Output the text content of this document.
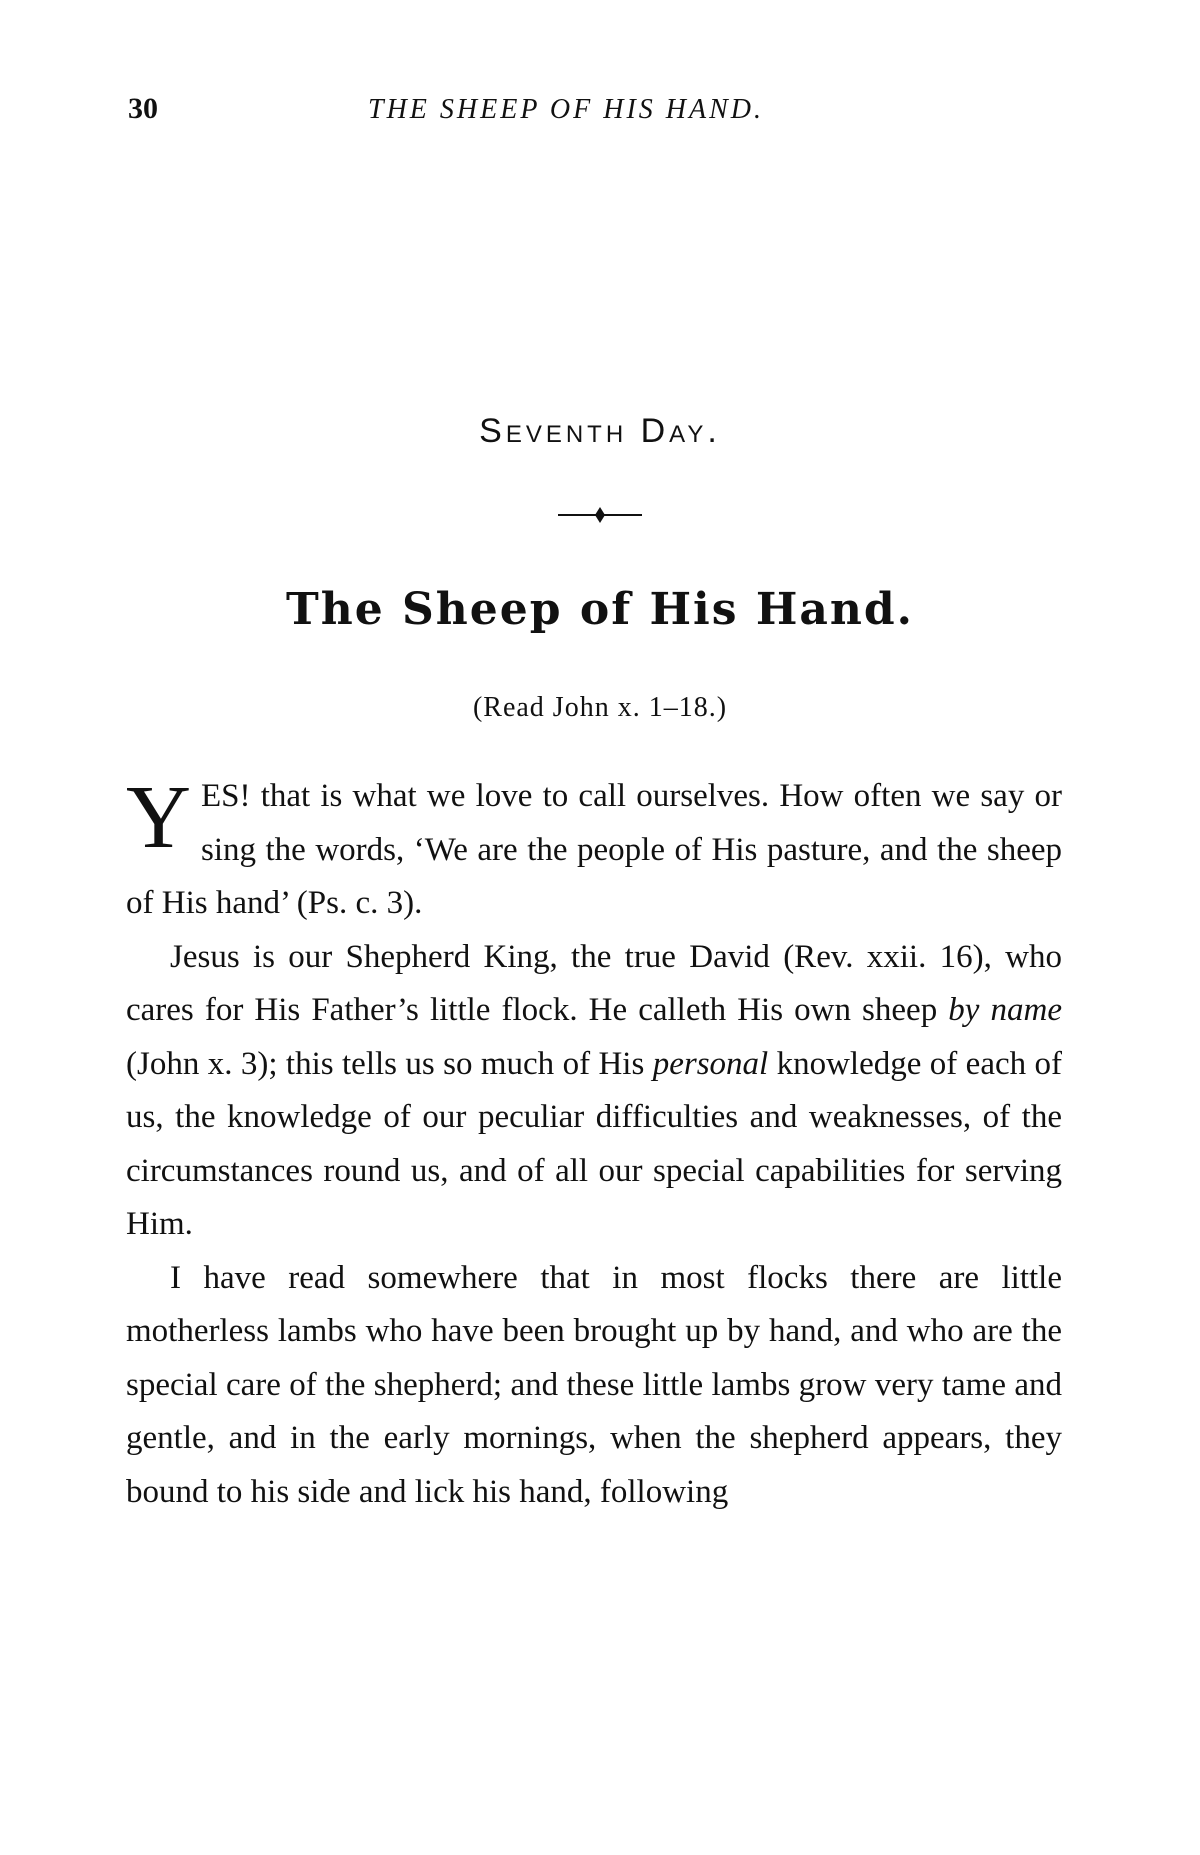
30	THE SHEEP OF HIS HAND.
Seventh Day.
The Sheep of His Hand.
(Read John x. 1–18.)

YES! that is what we love to call ourselves. How often we say or sing the words, ‘We are the people of His pasture, and the sheep of His hand’ (Ps. c. 3).

Jesus is our Shepherd King, the true David (Rev. xxii. 16), who cares for His Father’s little flock. He calleth His own sheep by name (John x. 3); this tells us so much of His personal knowledge of each of us, the knowledge of our peculiar difficulties and weaknesses, of the circumstances round us, and of all our special capabilities for serving Him.

I have read somewhere that in most flocks there are little motherless lambs who have been brought up by hand, and who are the special care of the shepherd; and these little lambs grow very tame and gentle, and in the early mornings, when the shepherd appears, they bound to his side and lick his hand, following
